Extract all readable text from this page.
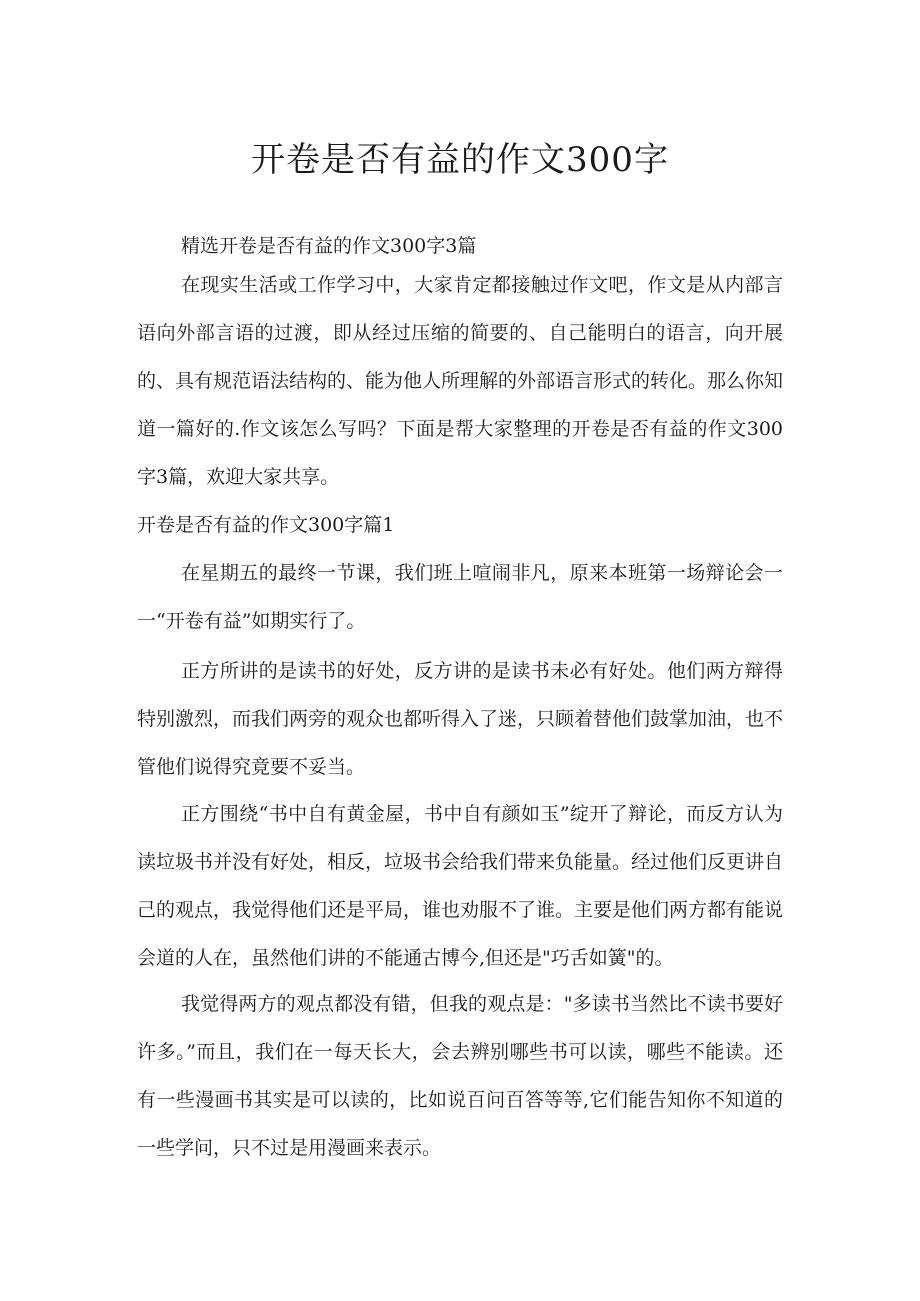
开卷是否有益的作文300字

精选开卷是否有益的作文300字3篇

在现实生活或工作学习中，大家肯定都接触过作文吧，作文是从内部言语向外部言语的过渡，即从经过压缩的简要的、自己能明白的语言，向开展的、具有规范语法结构的、能为他人所理解的外部语言形式的转化。那么你知道一篇好的.作文该怎么写吗？下面是帮大家整理的开卷是否有益的作文300字3篇，欢迎大家共享。

开卷是否有益的作文300字篇1

在星期五的最终一节课，我们班上喧闹非凡，原来本班第一场辩论会一一“开卷有益”如期实行了。

正方所讲的是读书的好处，反方讲的是读书未必有好处。他们两方辩得特别激烈，而我们两旁的观众也都听得入了迷，只顾着替他们鼓掌加油，也不管他们说得究竟要不妥当。

正方围绕“书中自有黄金屋，书中自有颜如玉”绽开了辩论，而反方认为读垃圾书并没有好处，相反，垃圾书会给我们带来负能量。经过他们反更讲自己的观点，我觉得他们还是平局，谁也劝服不了谁。主要是他们两方都有能说会道的人在，虽然他们讲的不能通古博今,但还是"巧舌如簧"的。

我觉得两方的观点都没有错，但我的观点是："多读书当然比不读书要好许多。”而且，我们在一每天长大，会去辨别哪些书可以读，哪些不能读。还有一些漫画书其实是可以读的，比如说百问百答等等,它们能告知你不知道的一些学问，只不过是用漫画来表示。
